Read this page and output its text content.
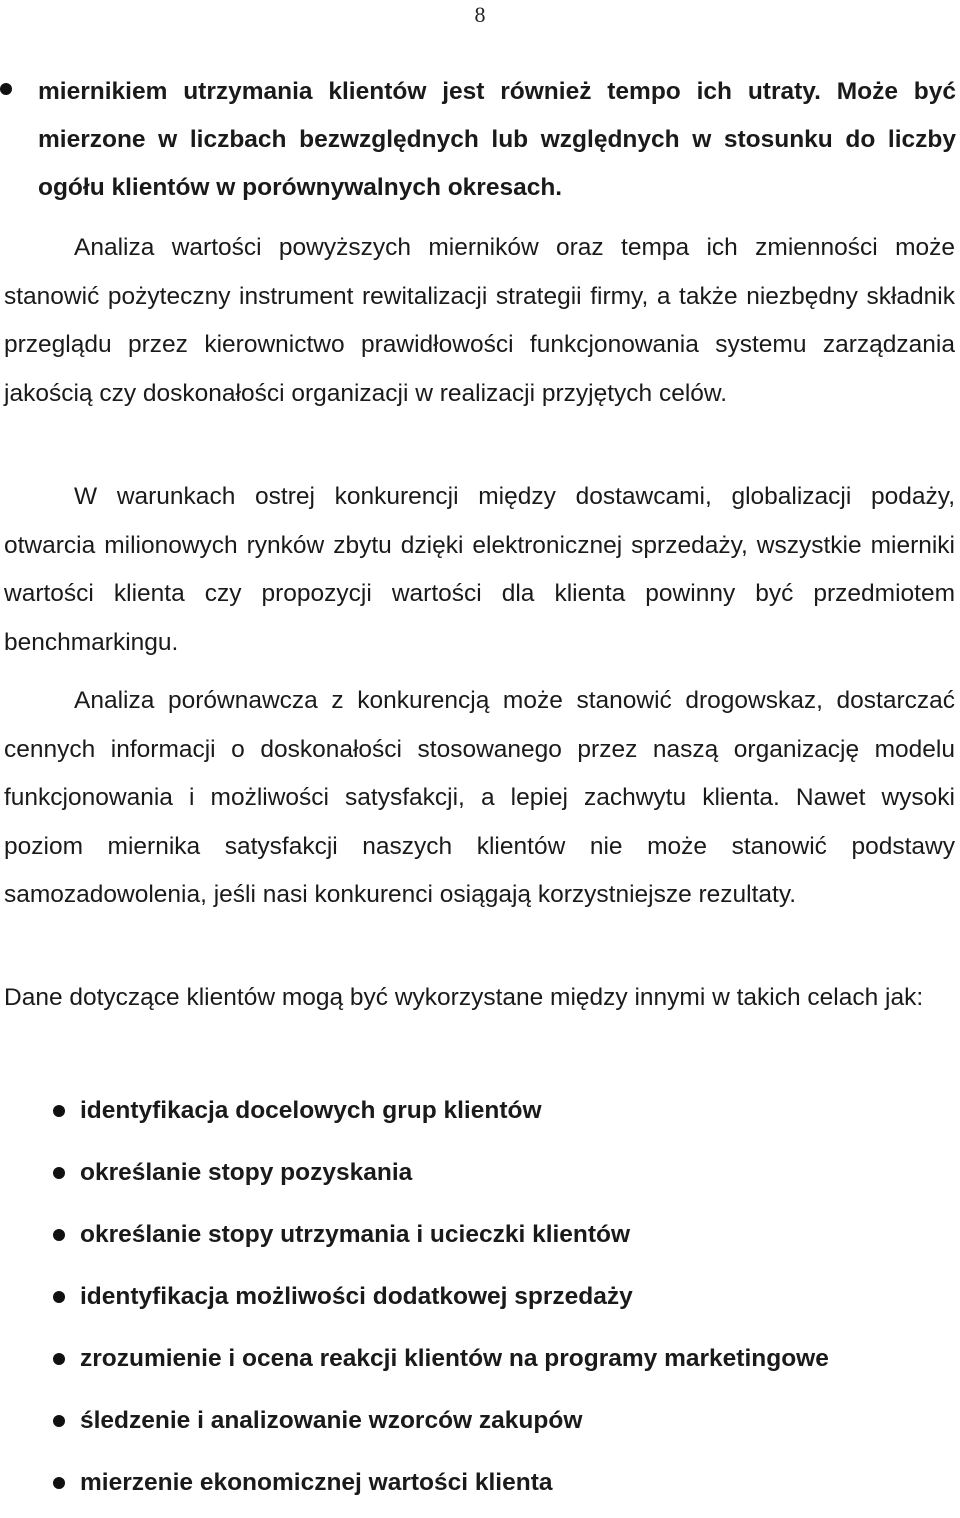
8
miernikiem utrzymania klientów jest również tempo ich utraty. Może być mierzone w liczbach bezwzględnych lub względnych w stosunku do liczby ogółu klientów w porównywalnych okresach.
Analiza wartości powyższych mierników oraz tempa ich zmienności może stanowić pożyteczny instrument rewitalizacji strategii firmy, a także niezbędny składnik przeglądu przez kierownictwo prawidłowości funkcjonowania systemu zarządzania jakością czy doskonałości organizacji w realizacji przyjętych celów.
W warunkach ostrej konkurencji między dostawcami, globalizacji podaży, otwarcia milionowych rynków zbytu dzięki elektronicznej sprzedaży, wszystkie mierniki wartości klienta czy propozycji wartości dla klienta powinny być przedmiotem benchmarkingu.
Analiza porównawcza z konkurencją może stanowić drogowskaz, dostarczać cennych informacji o doskonałości stosowanego przez naszą organizację modelu funkcjonowania i możliwości satysfakcji, a lepiej zachwytu klienta. Nawet wysoki poziom miernika satysfakcji naszych klientów nie może stanowić podstawy samozadowolenia, jeśli nasi konkurenci osiągają korzystniejsze rezultaty.
Dane dotyczące klientów mogą być wykorzystane między innymi w takich celach jak:
identyfikacja docelowych grup klientów
określanie stopy pozyskania
określanie stopy utrzymania i ucieczki klientów
identyfikacja możliwości dodatkowej sprzedaży
zrozumienie i ocena reakcji klientów na programy marketingowe
śledzenie i analizowanie wzorców zakupów
mierzenie ekonomicznej wartości klienta
